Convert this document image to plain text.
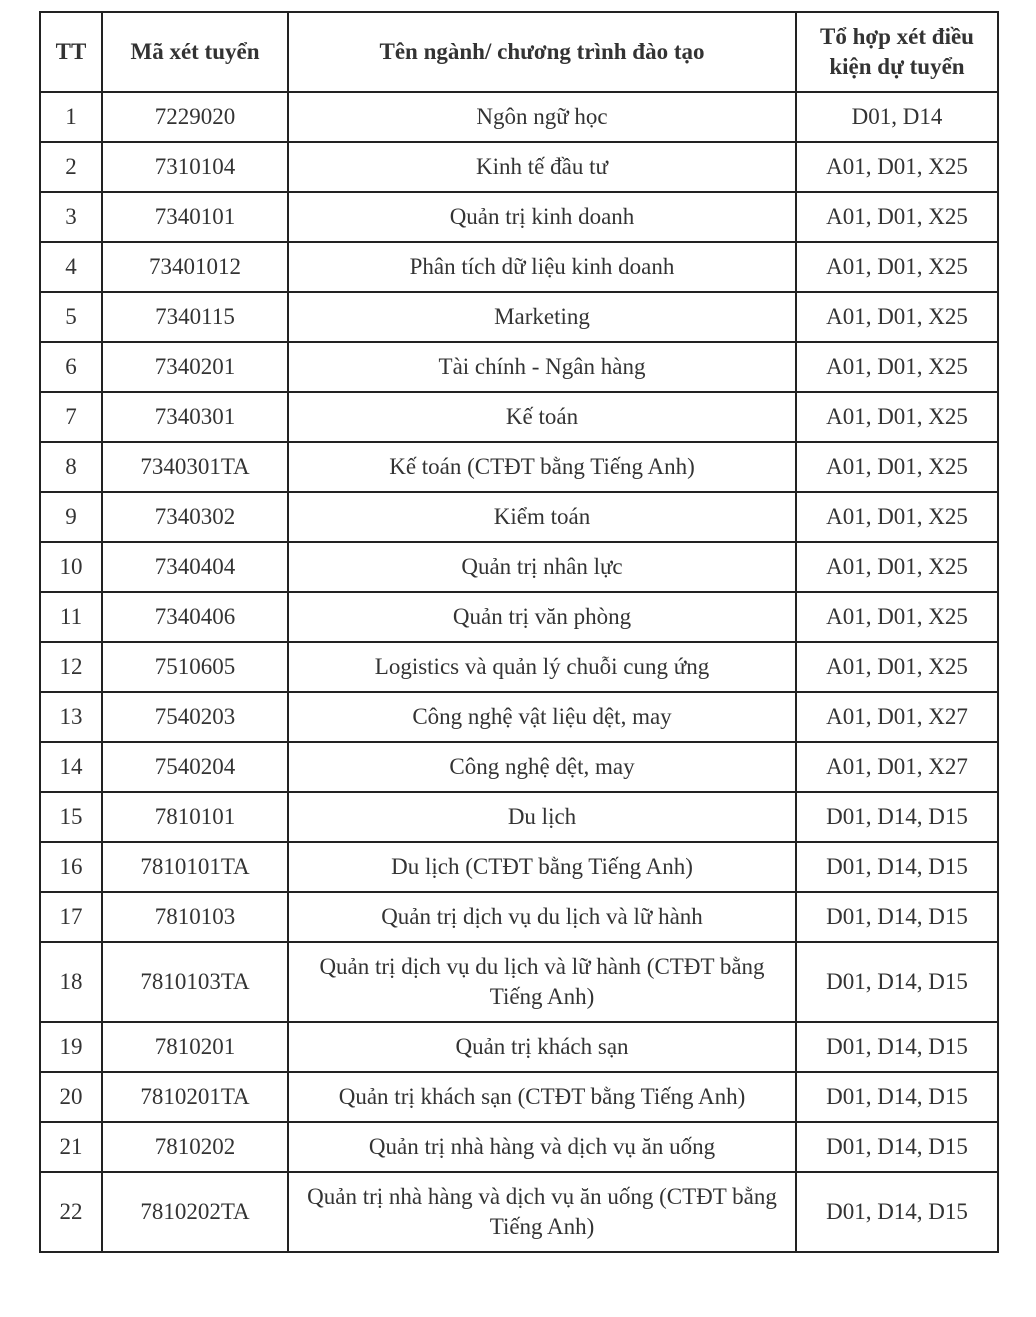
TT	Mã xét tuyển	Tên ngành/ chương trình đào tạo	Tổ hợp xét điều kiện dự tuyển
1	7229020	Ngôn ngữ học	D01, D14
2	7310104	Kinh tế đầu tư	A01, D01, X25
3	7340101	Quản trị kinh doanh	A01, D01, X25
4	73401012	Phân tích dữ liệu kinh doanh	A01, D01, X25
5	7340115	Marketing	A01, D01, X25
6	7340201	Tài chính - Ngân hàng	A01, D01, X25
7	7340301	Kế toán	A01, D01, X25
8	7340301TA	Kế toán (CTĐT bằng Tiếng Anh)	A01, D01, X25
9	7340302	Kiểm toán	A01, D01, X25
10	7340404	Quản trị nhân lực	A01, D01, X25
11	7340406	Quản trị văn phòng	A01, D01, X25
12	7510605	Logistics và quản lý chuỗi cung ứng	A01, D01, X25
13	7540203	Công nghệ vật liệu dệt, may	A01, D01, X27
14	7540204	Công nghệ dệt, may	A01, D01, X27
15	7810101	Du lịch	D01, D14, D15
16	7810101TA	Du lịch (CTĐT bằng Tiếng Anh)	D01, D14, D15
17	7810103	Quản trị dịch vụ du lịch và lữ hành	D01, D14, D15
18	7810103TA	Quản trị dịch vụ du lịch và lữ hành (CTĐT bằng Tiếng Anh)	D01, D14, D15
19	7810201	Quản trị khách sạn	D01, D14, D15
20	7810201TA	Quản trị khách sạn (CTĐT bằng Tiếng Anh)	D01, D14, D15
21	7810202	Quản trị nhà hàng và dịch vụ ăn uống	D01, D14, D15
22	7810202TA	Quản trị nhà hàng và dịch vụ ăn uống (CTĐT bằng Tiếng Anh)	D01, D14, D15
